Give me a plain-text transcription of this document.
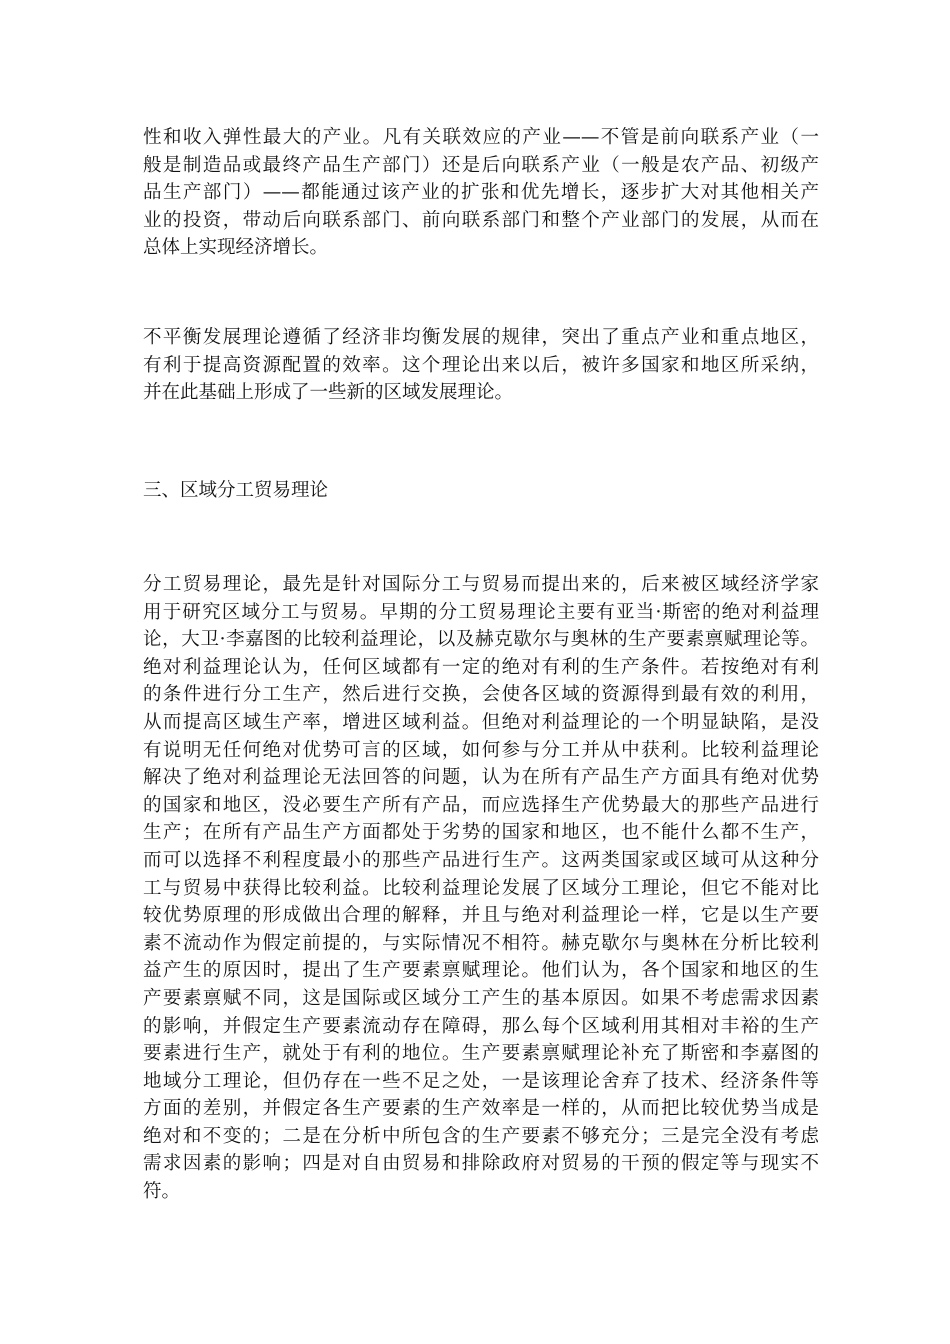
性和收入弹性最大的产业。凡有关联效应的产业——不管是前向联系产业（一
般是制造品或最终产品生产部门）还是后向联系产业（一般是农产品、初级产
品生产部门）——都能通过该产业的扩张和优先增长，逐步扩大对其他相关产
业的投资，带动后向联系部门、前向联系部门和整个产业部门的发展，从而在
总体上实现经济增长。
不平衡发展理论遵循了经济非均衡发展的规律，突出了重点产业和重点地区，
有利于提高资源配置的效率。这个理论出来以后，被许多国家和地区所采纳，
并在此基础上形成了一些新的区域发展理论。
三、区域分工贸易理论
分工贸易理论，最先是针对国际分工与贸易而提出来的，后来被区域经济学家
用于研究区域分工与贸易。早期的分工贸易理论主要有亚当·斯密的绝对利益理
论，大卫·李嘉图的比较利益理论，以及赫克歇尔与奥林的生产要素禀赋理论等。
绝对利益理论认为，任何区域都有一定的绝对有利的生产条件。若按绝对有利
的条件进行分工生产，然后进行交换，会使各区域的资源得到最有效的利用，
从而提高区域生产率，增进区域利益。但绝对利益理论的一个明显缺陷，是没
有说明无任何绝对优势可言的区域，如何参与分工并从中获利。比较利益理论
解决了绝对利益理论无法回答的问题，认为在所有产品生产方面具有绝对优势
的国家和地区，没必要生产所有产品，而应选择生产优势最大的那些产品进行
生产；在所有产品生产方面都处于劣势的国家和地区，也不能什么都不生产，
而可以选择不利程度最小的那些产品进行生产。这两类国家或区域可从这种分
工与贸易中获得比较利益。比较利益理论发展了区域分工理论，但它不能对比
较优势原理的形成做出合理的解释，并且与绝对利益理论一样，它是以生产要
素不流动作为假定前提的，与实际情况不相符。赫克歇尔与奥林在分析比较利
益产生的原因时，提出了生产要素禀赋理论。他们认为，各个国家和地区的生
产要素禀赋不同，这是国际或区域分工产生的基本原因。如果不考虑需求因素
的影响，并假定生产要素流动存在障碍，那么每个区域利用其相对丰裕的生产
要素进行生产，就处于有利的地位。生产要素禀赋理论补充了斯密和李嘉图的
地域分工理论，但仍存在一些不足之处，一是该理论舍弃了技术、经济条件等
方面的差别，并假定各生产要素的生产效率是一样的，从而把比较优势当成是
绝对和不变的；二是在分析中所包含的生产要素不够充分；三是完全没有考虑
需求因素的影响；四是对自由贸易和排除政府对贸易的干预的假定等与现实不
符。
